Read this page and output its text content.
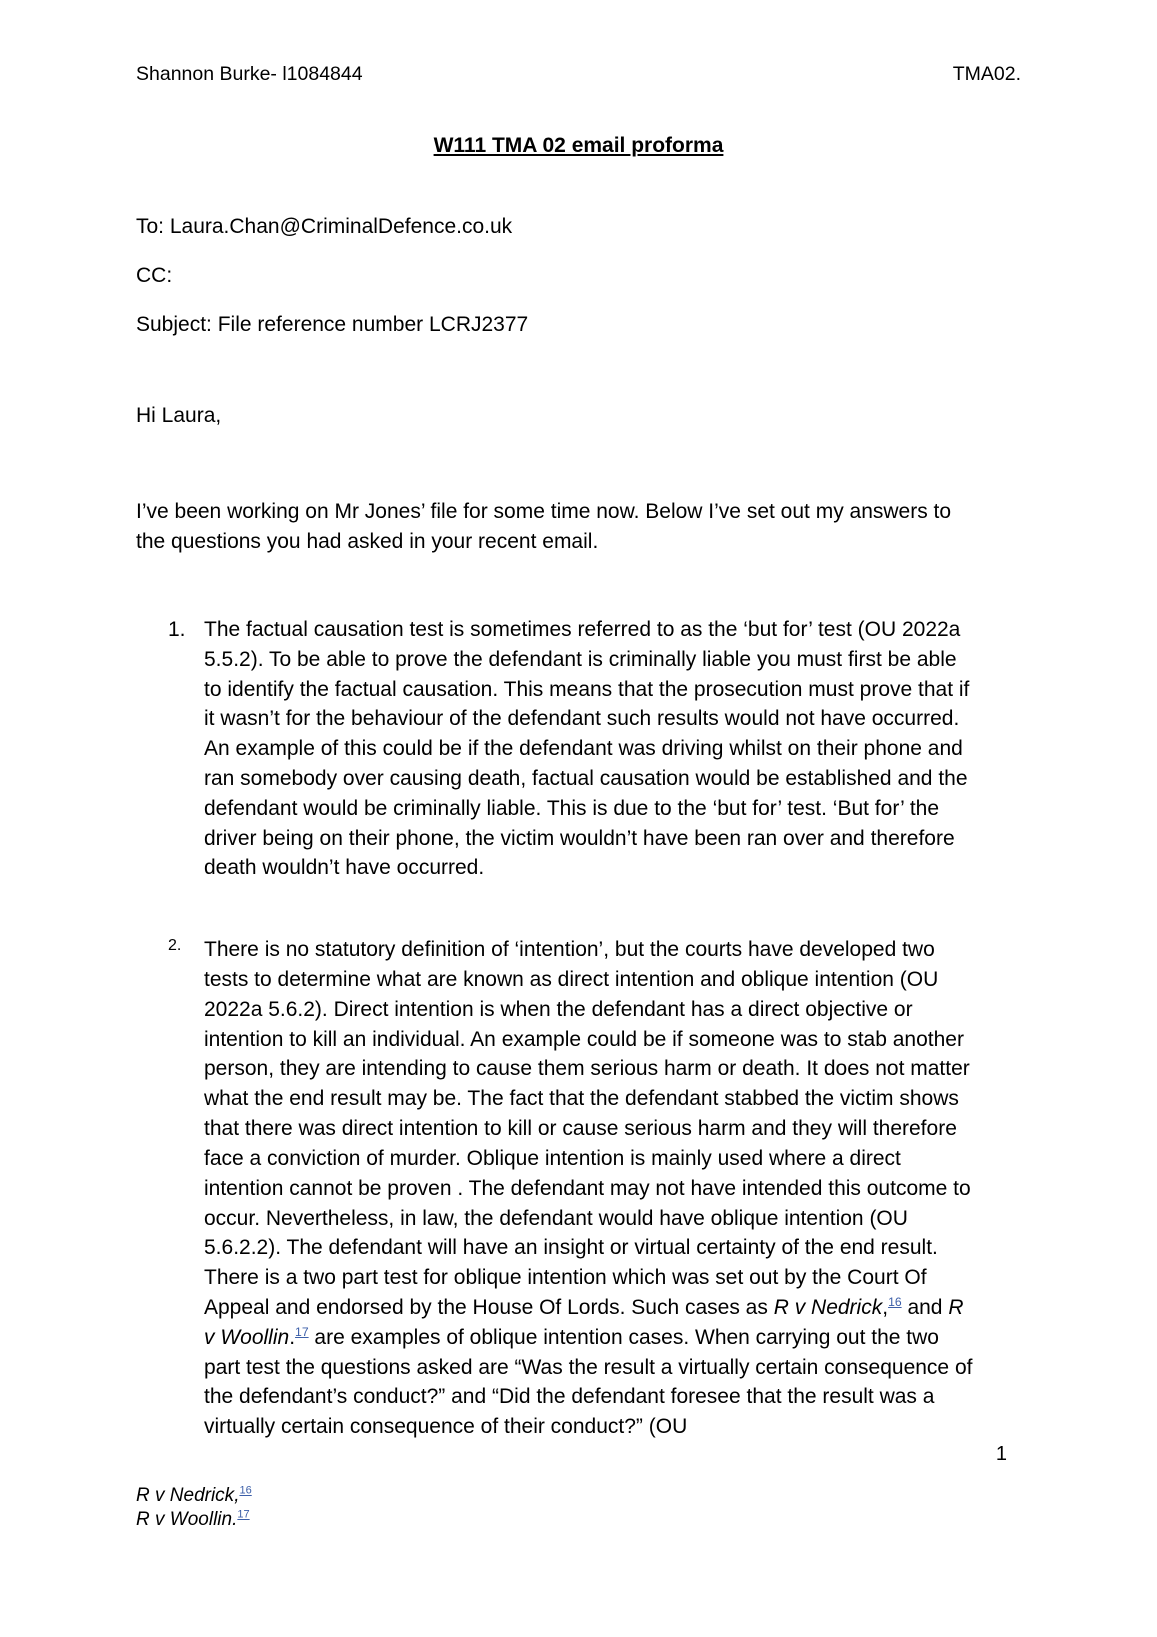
Shannon Burke- l1084844	TMA02.
W111 TMA 02 email proforma

To: Laura.Chan@CriminalDefence.co.uk

CC:

Subject: File reference number LCRJ2377

Hi Laura,

I’ve been working on Mr Jones’ file for some time now. Below I’ve set out my answers to the questions you had asked in your recent email.

1. The factual causation test is sometimes referred to as the ‘but for’ test (OU 2022a 5.5.2). To be able to prove the defendant is criminally liable you must first be able to identify the factual causation. This means that the prosecution must prove that if it wasn’t for the behaviour of the defendant such results would not have occurred. An example of this could be if the defendant was driving whilst on their phone and ran somebody over causing death, factual causation would be established and the defendant would be criminally liable. This is due to the ‘but for’ test. ‘But for’ the driver being on their phone, the victim wouldn’t have been ran over and therefore death wouldn’t have occurred.
2.	There is no statutory definition of ‘intention’, but the courts have developed two tests to determine what are known as direct intention and oblique intention (OU 2022a 5.6.2). Direct intention is when the defendant has a direct objective or intention to kill an individual. An example could be if someone was to stab another person, they are intending to cause them serious harm or death. It does not matter what the end result may be. The fact that the defendant stabbed the victim shows that there was direct intention to kill or cause serious harm and they will therefore face a conviction of murder. Oblique intention is mainly used where a direct intention cannot be proven . The defendant may not have intended this outcome to occur. Nevertheless, in law, the defendant would have oblique intention (OU 5.6.2.2). The defendant will have an insight or virtual certainty of the end result. There is a two part test for oblique intention which was set out by the Court Of Appeal and endorsed by the House Of Lords. Such cases as R v Nedrick,$^{16}$ and R v Woollin.$^{17}$ are examples of oblique intention cases. When carrying out the two part test the questions asked are “Was the result a virtually certain consequence of the defendant’s conduct?” and “Did the defendant foresee that the result was a virtually certain consequence of their conduct?” (OU
1
R v Nedrick,$^{16}$
R v Woollin.$^{17}$
